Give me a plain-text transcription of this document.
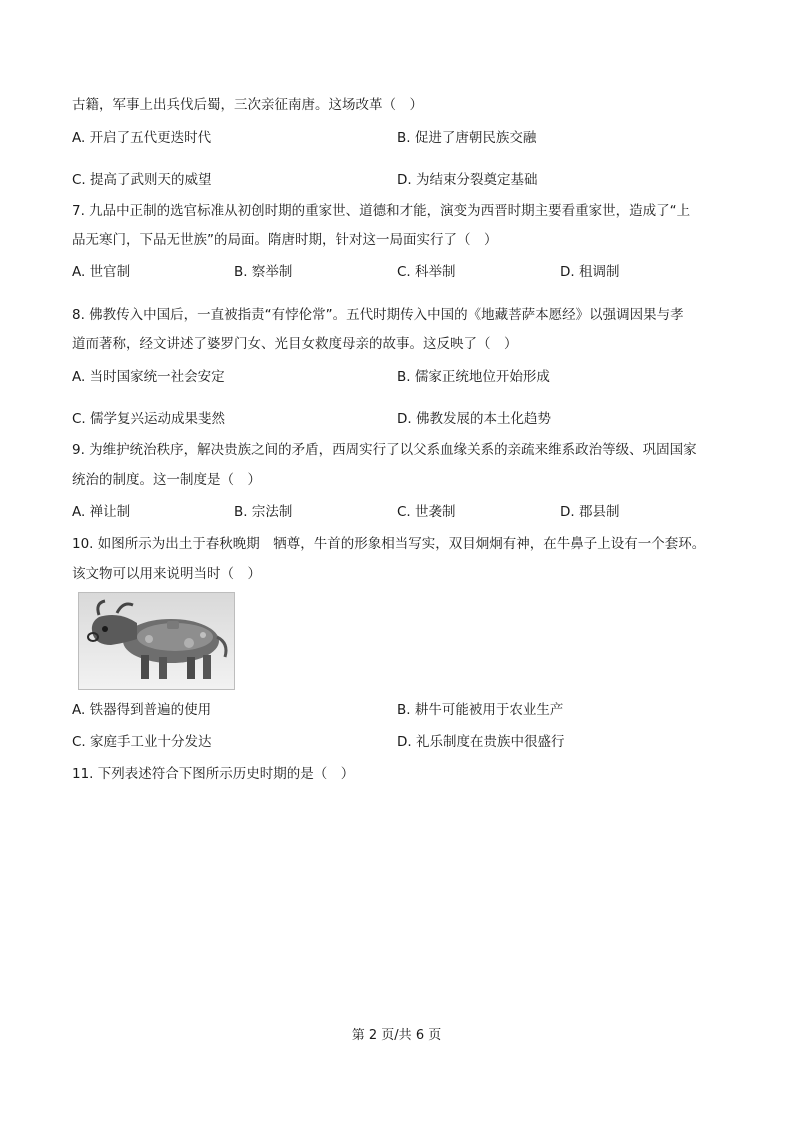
古籍，军事上出兵伐后蜀，三次亲征南唐。这场改革（　）
A. 开启了五代更迭时代	B. 促进了唐朝民族交融
C. 提高了武则天的威望	D. 为结束分裂奠定基础
7. 九品中正制的选官标准从初创时期的重家世、道德和才能，演变为西晋时期主要看重家世，造成了“上
品无寒门，下品无世族”的局面。隋唐时期，针对这一局面实行了（　）
A. 世官制	B. 察举制	C. 科举制	D. 租调制
8. 佛教传入中国后，一直被指责“有悖伦常”。五代时期传入中国的《地藏菩萨本愿经》以强调因果与孝
道而著称，经文讲述了婆罗门女、光目女救度母亲的故事。这反映了（　）
A. 当时国家统一社会安定	B. 儒家正统地位开始形成
C. 儒学复兴运动成果斐然	D. 佛教发展的本土化趋势
9. 为维护统治秩序，解决贵族之间的矛盾，西周实行了以父系血缘关系的亲疏来维系政治等级、巩固国家
统治的制度。这一制度是（　）
A. 禅让制	B. 宗法制	C. 世袭制	D. 郡县制
10. 如图所示为出土于春秋晚期　牺尊，牛首的形象相当写实，双目炯炯有神，在牛鼻子上设有一个套环。
该文物可以用来说明当时（　）
A. 铁器得到普遍的使用	B. 耕牛可能被用于农业生产
C. 家庭手工业十分发达	D. 礼乐制度在贵族中很盛行
11. 下列表述符合下图所示历史时期的是（　）
第 2 页/共 6 页
